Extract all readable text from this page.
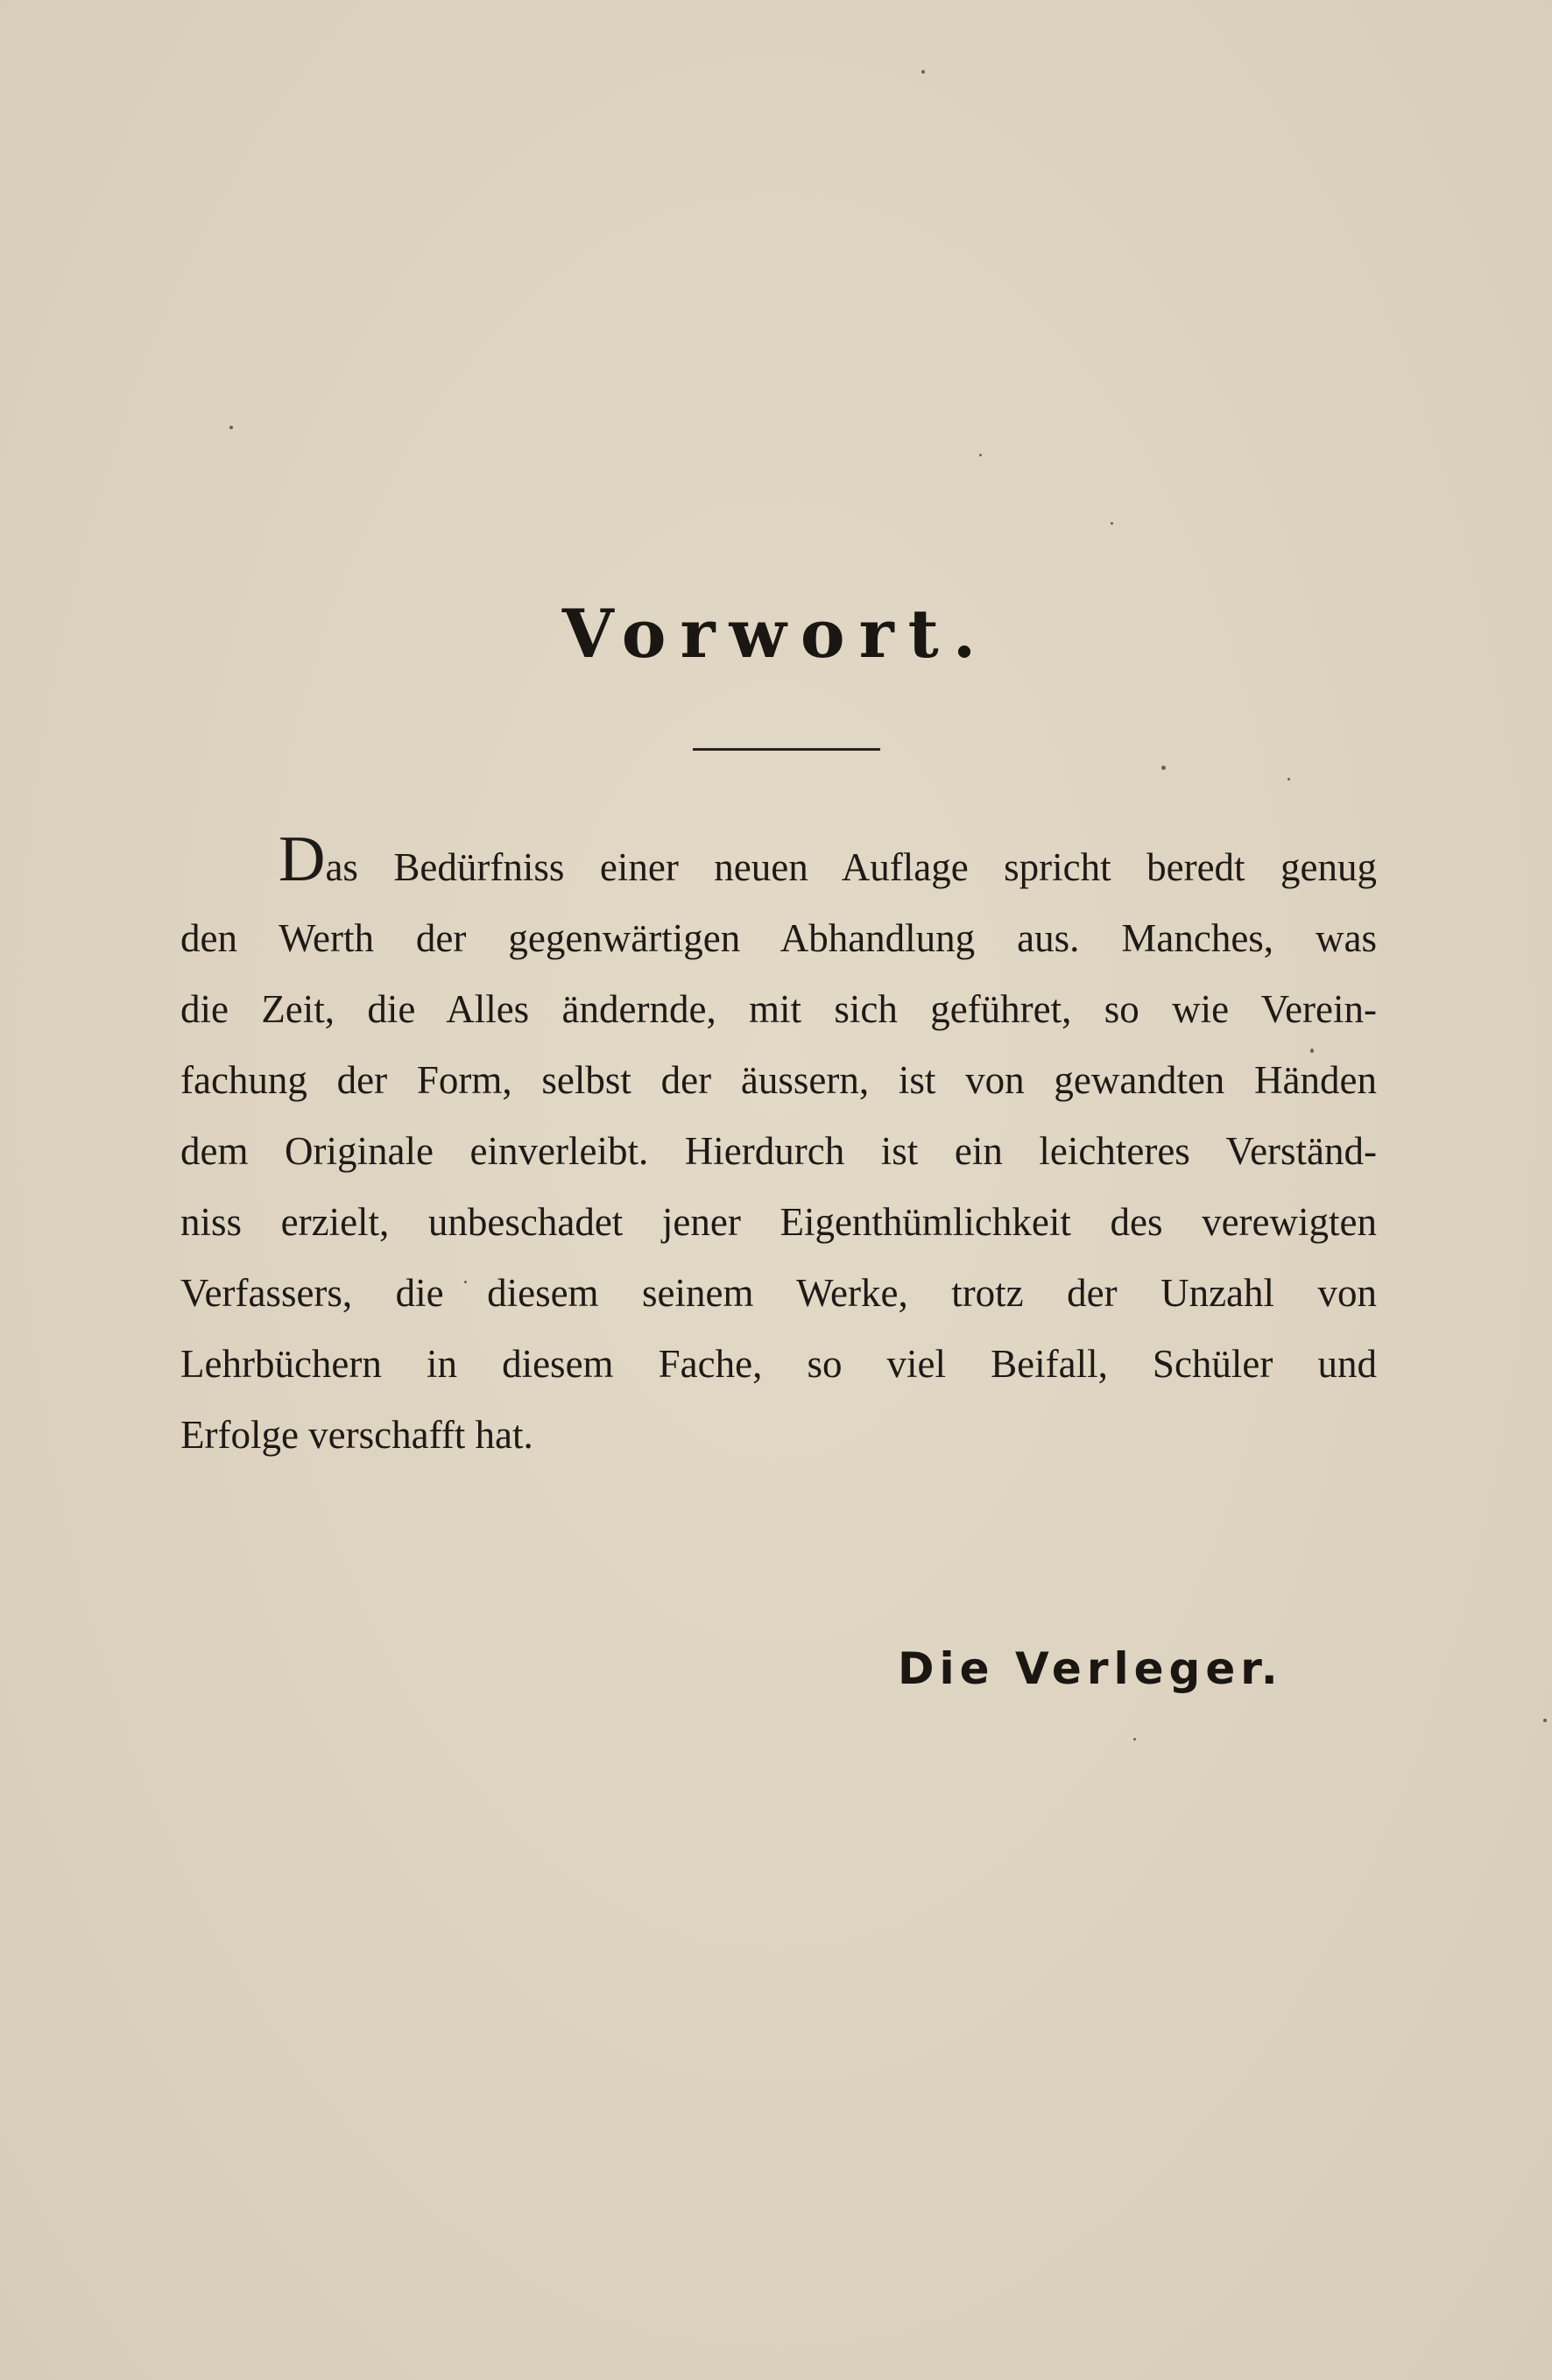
Vorwort.
Das Bedürfniss einer neuen Auflage spricht beredt genug
den Werth der gegenwärtigen Abhandlung aus. Manches, was
die Zeit, die Alles ändernde, mit sich geführet, so wie Verein-
fachung der Form, selbst der äussern, ist von gewandten Händen
dem Originale einverleibt. Hierdurch ist ein leichteres Verständ-
niss erzielt, unbeschadet jener Eigenthümlichkeit des verewigten
Verfassers, die diesem seinem Werke, trotz der Unzahl von
Lehrbüchern in diesem Fache, so viel Beifall, Schüler und
Erfolge verschafft hat.
Die Verleger.
